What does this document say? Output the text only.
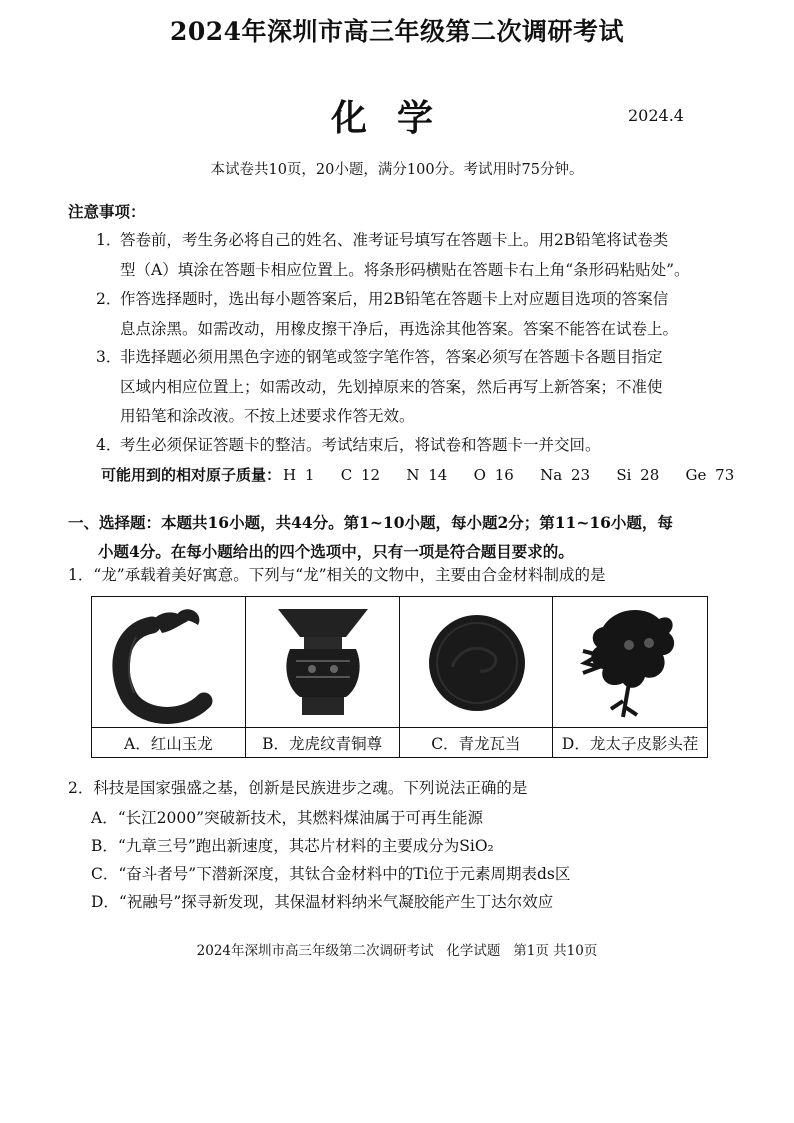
2024年深圳市高三年级第二次调研考试
化学	2024.4
本试卷共10页，20小题，满分100分。考试用时75分钟。
注意事项：
1．答卷前，考生务必将自己的姓名、准考证号填写在答题卡上。用2B铅笔将试卷类
型（A）填涂在答题卡相应位置上。将条形码横贴在答题卡右上角“条形码粘贴处”。
2．作答选择题时，选出每小题答案后，用2B铅笔在答题卡上对应题目选项的答案信
息点涂黑。如需改动，用橡皮擦干净后，再选涂其他答案。答案不能答在试卷上。
3．非选择题必须用黑色字迹的钢笔或签字笔作答，答案必须写在答题卡各题目指定
区域内相应位置上；如需改动，先划掉原来的答案，然后再写上新答案；不准使
用铅笔和涂改液。不按上述要求作答无效。
4．考生必须保证答题卡的整洁。考试结束后，将试卷和答题卡一并交回。
可能用到的相对原子质量： H 1   C 12   N 14   O 16   Na 23   Si 28   Ge 73
一、选择题：本题共16小题，共44分。第1~10小题，每小题2分；第11~16小题，每
小题4分。在每小题给出的四个选项中，只有一项是符合题目要求的。
1．“龙”承载着美好寓意。下列与“龙”相关的文物中，主要由合金材料制成的是
A．红山玉龙	B．龙虎纹青铜尊	C．青龙瓦当	D．龙太子皮影头茬
2．科技是国家强盛之基，创新是民族进步之魂。下列说法正确的是
A．“长江2000”突破新技术，其燃料煤油属于可再生能源
B．“九章三号”跑出新速度，其芯片材料的主要成分为SiO₂
C．“奋斗者号”下潜新深度，其钛合金材料中的Ti位于元素周期表ds区
D．“祝融号”探寻新发现，其保温材料纳米气凝胶能产生丁达尔效应
2024年深圳市高三年级第二次调研考试   化学试题   第1页 共10页
